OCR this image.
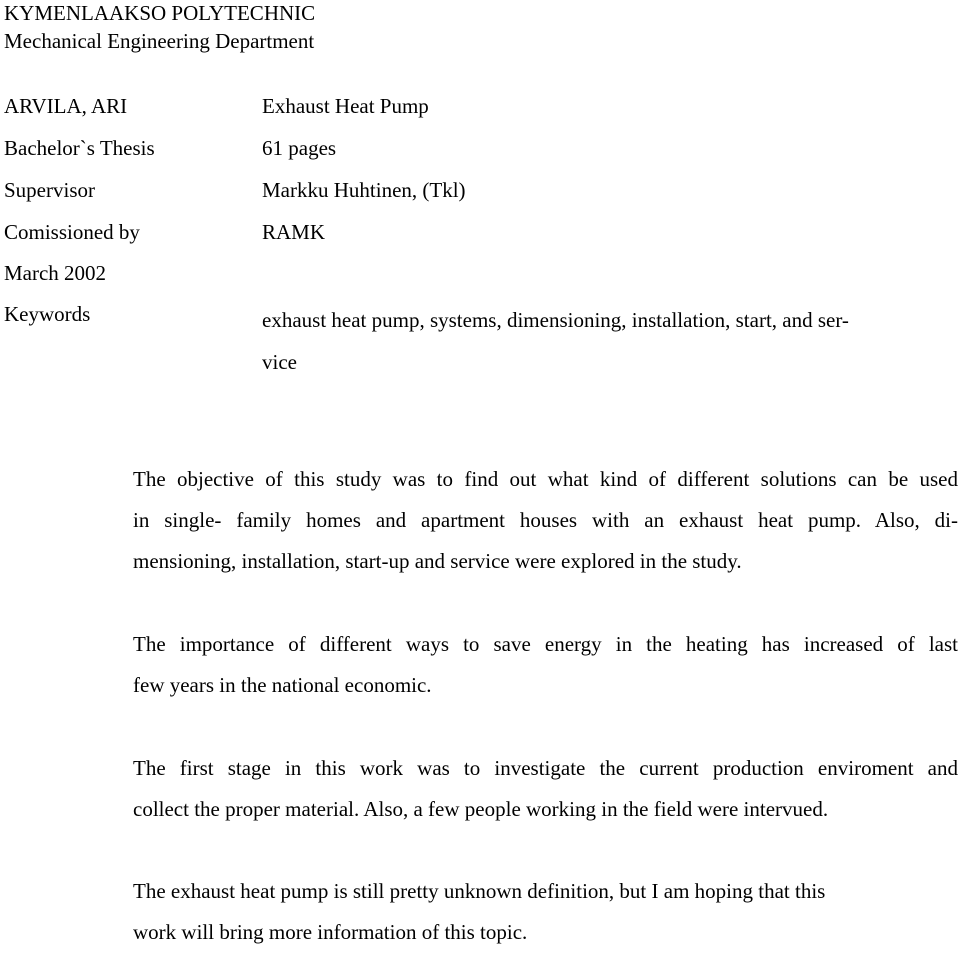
KYMENLAAKSO POLYTECHNIC
Mechanical Engineering Department
ARVILA, ARI	Exhaust Heat Pump
Bachelor`s Thesis	61 pages
Supervisor	Markku Huhtinen, (Tkl)
Comissioned by	RAMK
March 2002
Keywords	exhaust heat pump, systems, dimensioning, installation, start, and ser-
vice
The objective of this study was to find out what kind of different solutions can be used
in single- family homes and apartment houses with an exhaust heat pump. Also, di-
mensioning, installation, start-up and service were explored in the study.
The importance of different ways to save energy in the heating has increased of last
few years in the national economic.
The first stage in this work was to investigate the current production enviroment and
collect the proper material. Also, a few people working in the field were intervued.
The exhaust heat pump is still pretty unknown definition, but I am hoping that this
work will bring more information of this topic.
